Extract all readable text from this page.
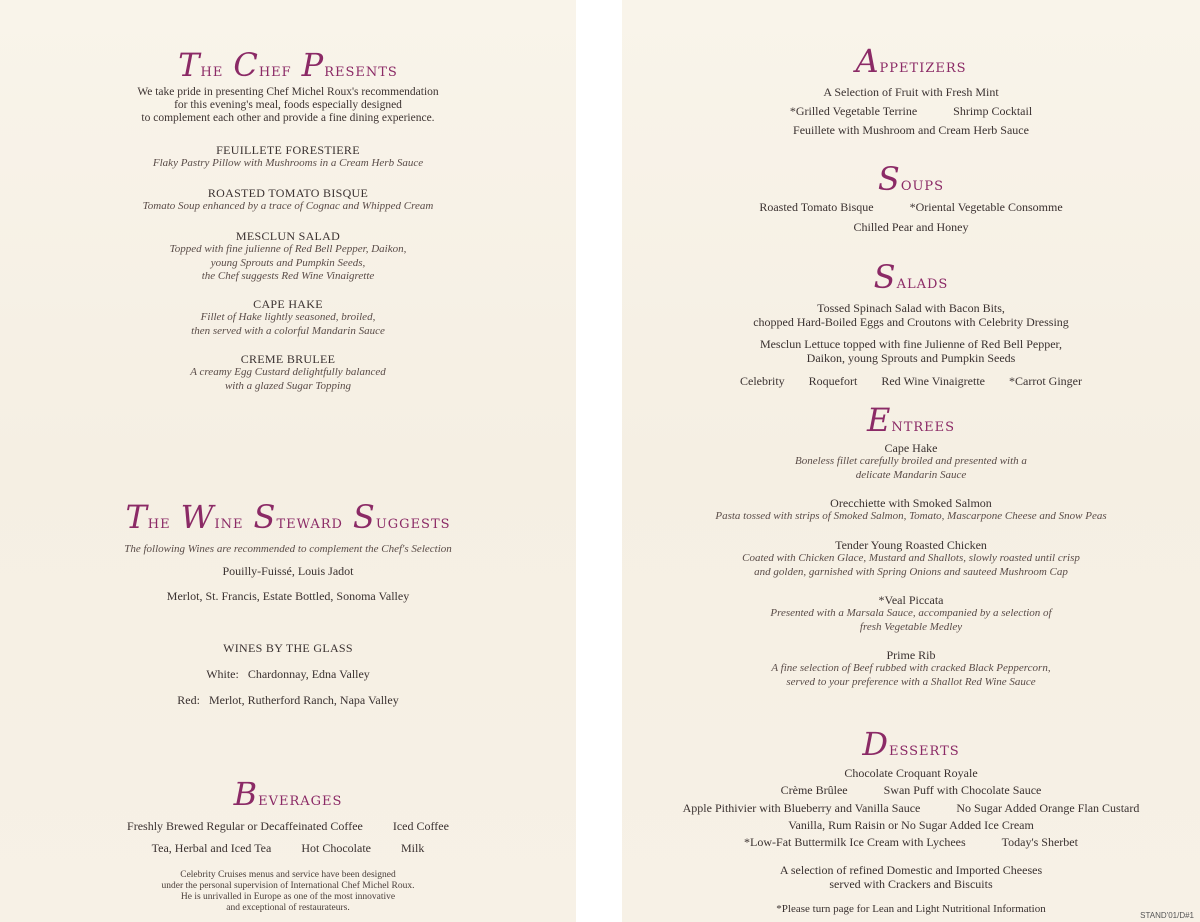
The Chef Presents
We take pride in presenting Chef Michel Roux's recommendation
for this evening's meal, foods especially designed
to complement each other and provide a fine dining experience.
FEUILLETE FORESTIERE
Flaky Pastry Pillow with Mushrooms in a Cream Herb Sauce
ROASTED TOMATO BISQUE
Tomato Soup enhanced by a trace of Cognac and Whipped Cream
MESCLUN SALAD
Topped with fine julienne of Red Bell Pepper, Daikon,
young Sprouts and Pumpkin Seeds,
the Chef suggests Red Wine Vinaigrette
CAPE HAKE
Fillet of Hake lightly seasoned, broiled,
then served with a colorful Mandarin Sauce
CREME BRULEE
A creamy Egg Custard delightfully balanced
with a glazed Sugar Topping
The Wine Steward Suggests
The following Wines are recommended to complement the Chef's Selection
Pouilly-Fuissé, Louis Jadot
Merlot, St. Francis, Estate Bottled, Sonoma Valley
WINES BY THE GLASS
White:   Chardonnay, Edna Valley
Red:   Merlot, Rutherford Ranch, Napa Valley
Beverages
Freshly Brewed Regular or Decaffeinated Coffee	Iced Coffee
Tea, Herbal and Iced Tea	Hot Chocolate	Milk
Celebrity Cruises menus and service have been designed
under the personal supervision of International Chef Michel Roux.
He is unrivalled in Europe as one of the most innovative
and exceptional of restaurateurs.
Appetizers
A Selection of Fruit with Fresh Mint
*Grilled Vegetable Terrine	Shrimp Cocktail
Feuillete with Mushroom and Cream Herb Sauce
Soups
Roasted Tomato Bisque	*Oriental Vegetable Consomme
Chilled Pear and Honey
Salads
Tossed Spinach Salad with Bacon Bits,
chopped Hard-Boiled Eggs and Croutons with Celebrity Dressing
Mesclun Lettuce topped with fine Julienne of Red Bell Pepper,
Daikon, young Sprouts and Pumpkin Seeds
Celebrity Roquefort Red Wine Vinaigrette *Carrot Ginger
Entrees
Cape Hake
Boneless fillet carefully broiled and presented with a
delicate Mandarin Sauce
Orecchiette with Smoked Salmon
Pasta tossed with strips of Smoked Salmon, Tomato, Mascarpone Cheese and Snow Peas
Tender Young Roasted Chicken
Coated with Chicken Glace, Mustard and Shallots, slowly roasted until crisp
and golden, garnished with Spring Onions and sauteed Mushroom Cap
*Veal Piccata
Presented with a Marsala Sauce, accompanied by a selection of
fresh Vegetable Medley
Prime Rib
A fine selection of Beef rubbed with cracked Black Peppercorn,
served to your preference with a Shallot Red Wine Sauce
Desserts
Chocolate Croquant Royale
Crème Brûlee	Swan Puff with Chocolate Sauce
Apple Pithivier with Blueberry and Vanilla Sauce	No Sugar Added Orange Flan Custard
Vanilla, Rum Raisin or No Sugar Added Ice Cream
*Low-Fat Buttermilk Ice Cream with Lychees	Today's Sherbet
A selection of refined Domestic and Imported Cheeses
served with Crackers and Biscuits
*Please turn page for Lean and Light Nutritional Information
STAND'01/D#1
